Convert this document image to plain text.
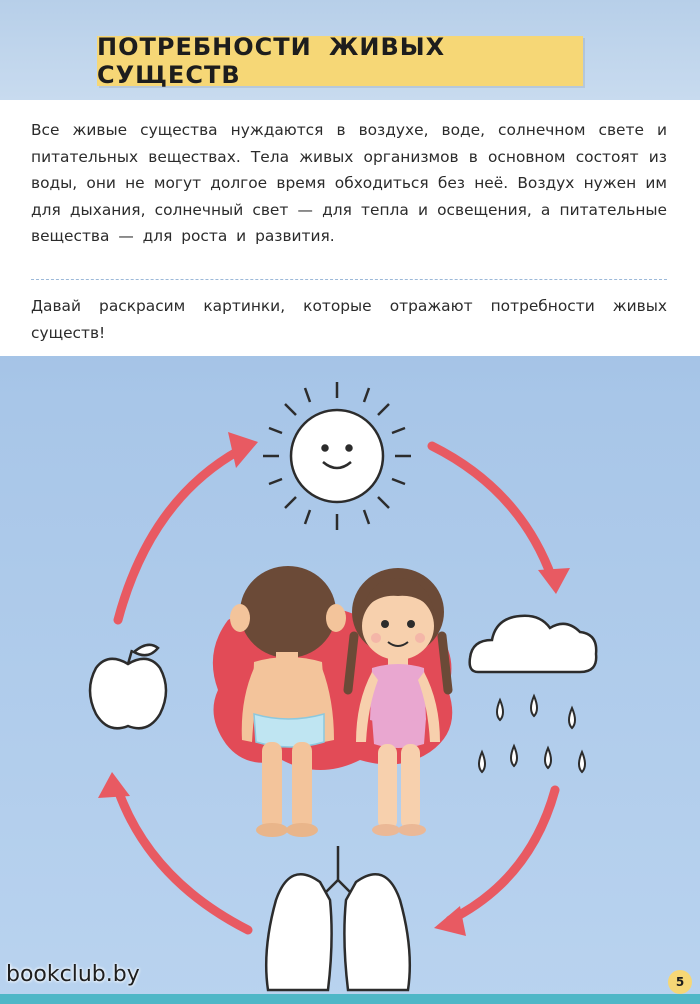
ПОТРЕБНОСТИ ЖИВЫХ СУЩЕСТВ

Все живые существа нуждаются в воздухе, воде, солнечном свете и питательных веществах. Тела живых организмов в основном состоят из воды, они не могут долгое время обходиться без неё. Воздух нужен им для дыхания, солнечный свет — для тепла и освещения, а питательные вещества — для роста и развития.

Давай раскрасим картинки, которые отражают потребности живых существ!

bookclub.by	5
